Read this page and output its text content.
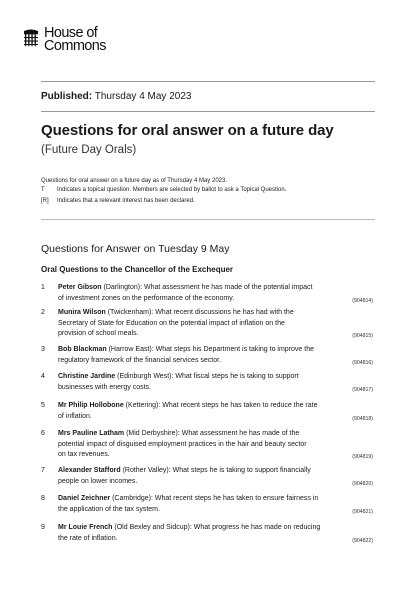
House of
Commons
Published: Thursday 4 May 2023
Questions for oral answer on a future day
(Future Day Orals)
Questions for oral answer on a future day as of Thursday 4 May 2023.
T	Indicates a topical question. Members are selected by ballot to ask a Topical Question.
[R]	Indicates that a relevant interest has been declared.
Questions for Answer on Tuesday 9 May
Oral Questions to the Chancellor of the Exchequer
1	Peter Gibson (Darlington): What assessment he has made of the potential impact
of investment zones on the performance of the economy.	(904814)
2	Munira Wilson (Twickenham): What recent discussions he has had with the
Secretary of State for Education on the potential impact of inflation on the
provision of school meals.	(904815)
3	Bob Blackman (Harrow East): What steps his Department is taking to improve the
regulatory framework of the financial services sector.	(904816)
4	Christine Jardine (Edinburgh West): What fiscal steps he is taking to support
businesses with energy costs.	(904817)
5	Mr Philip Hollobone (Kettering): What recent steps he has taken to reduce the rate
of inflation.	(904818)
6	Mrs Pauline Latham (Mid Derbyshire): What assessment he has made of the
potential impact of disguised employment practices in the hair and beauty sector
on tax revenues.	(904819)
7	Alexander Stafford (Rother Valley): What steps he is taking to support financially
people on lower incomes.	(904820)
8	Daniel Zeichner (Cambridge): What recent steps he has taken to ensure fairness in
the application of the tax system.	(904821)
9	Mr Louie French (Old Bexley and Sidcup): What progress he has made on reducing
the rate of inflation.	(904822)
